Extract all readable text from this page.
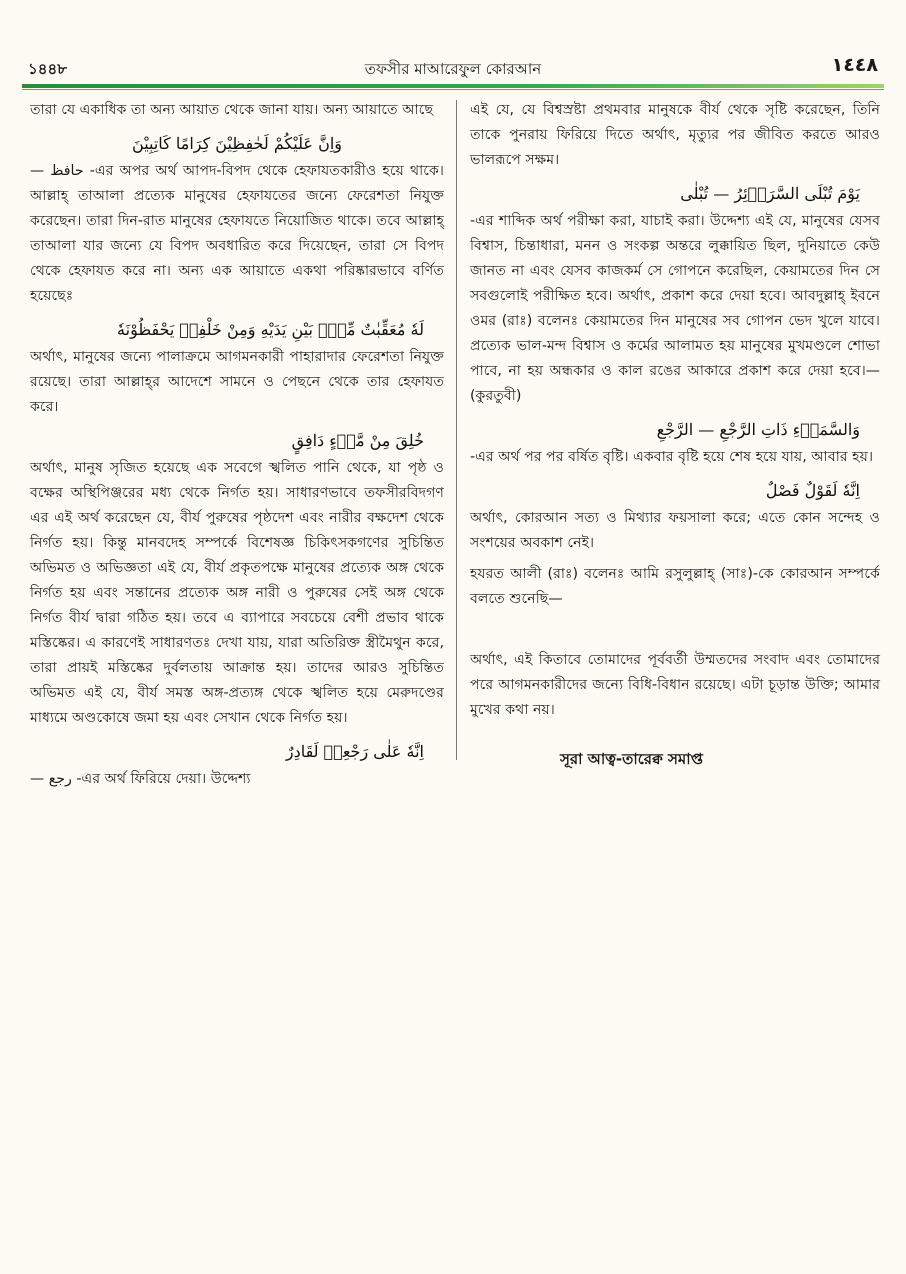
১৪৪৮	তফসীর মাআরেফুল কোরআন	١٤٤٨

তারা যে একাধিক তা অন্য আয়াত থেকে জানা যায়। অন্য আয়াতে আছে

وَاِنَّ عَلَيْكُمْ لَحٰفِظِيْنَ كِرَامًا كَاتِبِيْنَ

— حافظ -এর অপর অর্থ আপদ-বিপদ থেকে হেফাযতকারীও হয়ে থাকে। আল্লাহ্ তাআলা প্রত্যেক মানুষের হেফাযতের জন্যে ফেরেশতা নিযুক্ত করেছেন। তারা দিন-রাত মানুষের হেফাযতে নিয়োজিত থাকে। তবে আল্লাহ্ তাআলা যার জন্যে যে বিপদ অবধারিত করে দিয়েছেন, তারা সে বিপদ থেকে হেফাযত করে না। অন্য এক আয়াতে একথা পরিষ্কারভাবে বর্ণিত হয়েছেঃ

لَهٗ مُعَقِّبٰتٌ مِّنْۢ بَيْنِ يَدَيْهِ وَمِنْ خَلْفِهٖ يَحْفَظُوْنَهٗ

অর্থাৎ, মানুষের জন্যে পালাক্রমে আগমনকারী পাহারাদার ফেরেশতা নিযুক্ত রয়েছে। তারা আল্লাহ্‌র আদেশে সামনে ও পেছনে থেকে তার হেফাযত করে।

خُلِقَ مِنْ مَّاۤءٍ دَافِقٍ

অর্থাৎ, মানুষ সৃজিত হয়েছে এক সবেগে স্খলিত পানি থেকে, যা পৃষ্ঠ ও বক্ষের অস্থিপিঞ্জরের মধ্য থেকে নির্গত হয়। সাধারণভাবে তফসীরবিদগণ এর এই অর্থ করেছেন যে, বীর্য পুরুষের পৃষ্ঠদেশ এবং নারীর বক্ষদেশ থেকে নির্গত হয়। কিন্তু মানবদেহ সম্পর্কে বিশেষজ্ঞ চিকিৎসকগণের সুচিন্তিত অভিমত ও অভিজ্ঞতা এই যে, বীর্য প্রকৃতপক্ষে মানুষের প্রত্যেক অঙ্গ থেকে নির্গত হয় এবং সন্তানের প্রত্যেক অঙ্গ নারী ও পুরুষের সেই অঙ্গ থেকে নির্গত বীর্য দ্বারা গঠিত হয়। তবে এ ব্যাপারে সবচেয়ে বেশী প্রভাব থাকে মস্তিষ্কের। এ কারণেই সাধারণতঃ দেখা যায়, যারা অতিরিক্ত স্ত্রীমৈথুন করে, তারা প্রায়ই মস্তিষ্কের দুর্বলতায় আক্রান্ত হয়। তাদের আরও সুচিন্তিত অভিমত এই যে, বীর্য সমস্ত অঙ্গ-প্রত্যঙ্গ থেকে স্খলিত হয়ে মেরুদণ্ডের মাধ্যমে অণ্ডকোষে জমা হয় এবং সেখান থেকে নির্গত হয়।

اِنَّهٗ عَلٰى رَجْعِهٖ لَقَادِرٌ

— رجع -এর অর্থ ফিরিয়ে দেয়া। উদ্দেশ্য

এই যে, যে বিশ্বস্রষ্টা প্রথমবার মানুষকে বীর্য থেকে সৃষ্টি করেছেন, তিনি তাকে পুনরায় ফিরিয়ে দিতে অর্থাৎ, মৃত্যুর পর জীবিত করতে আরও ভালরূপে সক্ষম।

يَوْمَ تُبْلَى السَّرَاۤئِرُ — تُبْلٰى

-এর শাব্দিক অর্থ পরীক্ষা করা, যাচাই করা। উদ্দেশ্য এই যে, মানুষের যেসব বিশ্বাস, চিন্তাধারা, মনন ও সংকল্প অন্তরে লুক্কায়িত ছিল, দুনিয়াতে কেউ জানত না এবং যেসব কাজকর্ম সে গোপনে করেছিল, কেয়ামতের দিন সে সবগুলোই পরীক্ষিত হবে। অর্থাৎ, প্রকাশ করে দেয়া হবে। আবদুল্লাহ্ ইবনে ওমর (রাঃ) বলেনঃ কেয়ামতের দিন মানুষের সব গোপন ভেদ খুলে যাবে। প্রত্যেক ভাল-মন্দ বিশ্বাস ও কর্মের আলামত হয় মানুষের মুখমণ্ডলে শোভা পাবে, না হয় অন্ধকার ও কাল রঙের আকারে প্রকাশ করে দেয়া হবে।— (কুরতুবী)

وَالسَّمَاۤءِ ذَاتِ الرَّجْعِ — الرَّجْعِ

-এর অর্থ পর পর বর্ষিত বৃষ্টি। একবার বৃষ্টি হয়ে শেষ হয়ে যায়, আবার হয়।

اِنَّهٗ لَقَوْلٌ فَصْلٌ

অর্থাৎ, কোরআন সত্য ও মিথ্যার ফয়সালা করে; এতে কোন সন্দেহ ও সংশয়ের অবকাশ নেই।

হযরত আলী (রাঃ) বলেনঃ আমি রসুলুল্লাহ্ (সাঃ)-কে কোরআন সম্পর্কে বলতে শুনেছি—

অর্থাৎ, এই কিতাবে তোমাদের পূর্ববর্তী উম্মতদের সংবাদ এবং তোমাদের পরে আগমনকারীদের জন্যে বিধি-বিধান রয়েছে। এটা চূড়ান্ত উক্তি; আমার মুখের কথা নয়।

সূরা আত্ব-তারেক্ব সমাপ্ত
